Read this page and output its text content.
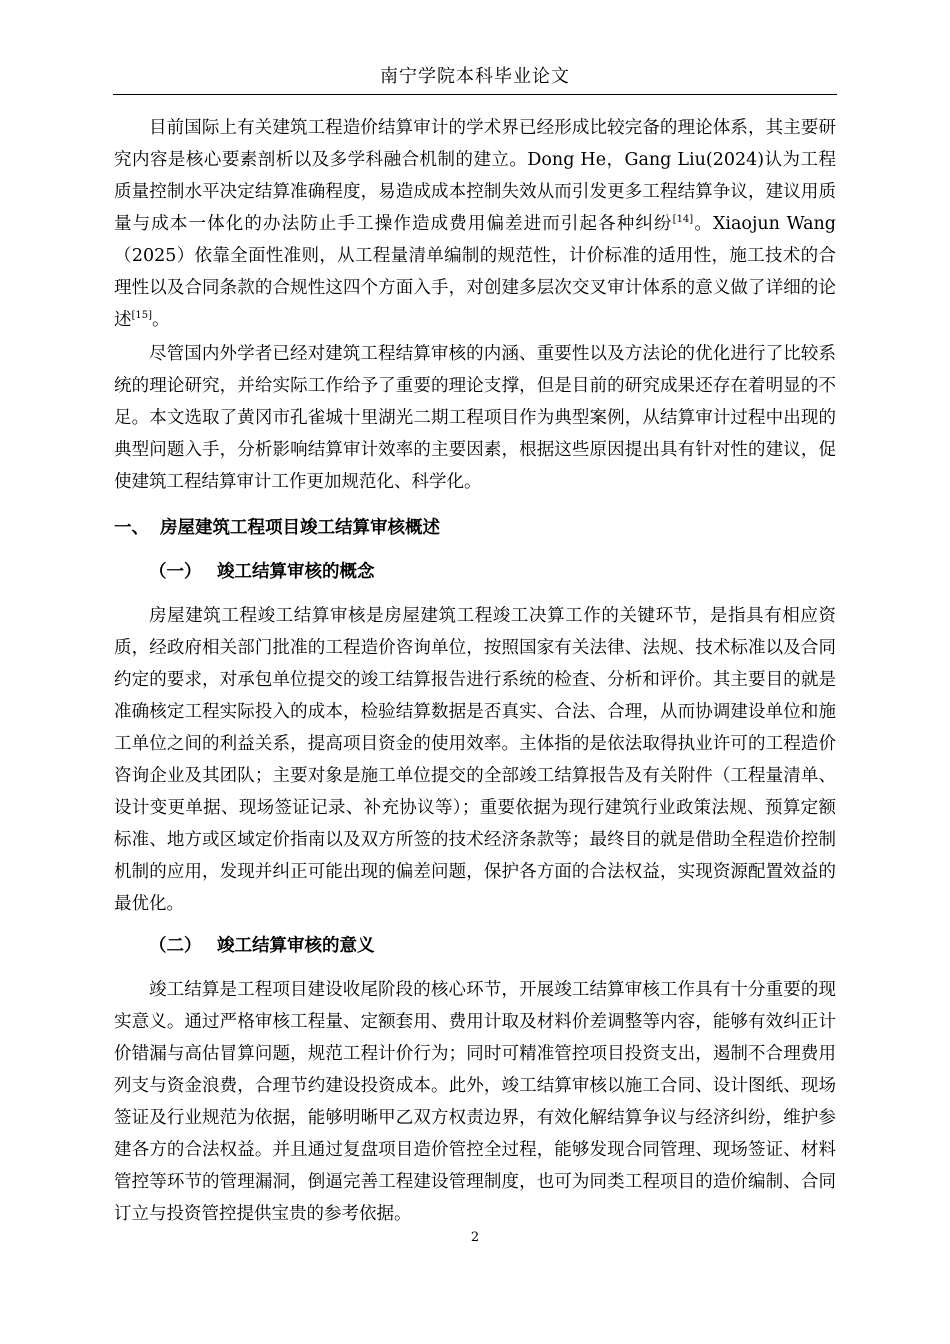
南宁学院本科毕业论文

目前国际上有关建筑工程造价结算审计的学术界已经形成比较完备的理论体系，其主要研究内容是核心要素剖析以及多学科融合机制的建立。Dong He，Gang Liu(2024)认为工程质量控制水平决定结算准确程度，易造成成本控制失效从而引发更多工程结算争议，建议用质量与成本一体化的办法防止手工操作造成费用偏差进而引起各种纠纷[14]。Xiaojun Wang（2025）依靠全面性准则，从工程量清单编制的规范性，计价标准的适用性，施工技术的合理性以及合同条款的合规性这四个方面入手，对创建多层次交叉审计体系的意义做了详细的论述[15]。

尽管国内外学者已经对建筑工程结算审核的内涵、重要性以及方法论的优化进行了比较系统的理论研究，并给实际工作给予了重要的理论支撑，但是目前的研究成果还存在着明显的不足。本文选取了黄冈市孔雀城十里湖光二期工程项目作为典型案例，从结算审计过程中出现的典型问题入手，分析影响结算审计效率的主要因素，根据这些原因提出具有针对性的建议，促使建筑工程结算审计工作更加规范化、科学化。

一、 房屋建筑工程项目竣工结算审核概述
（一） 竣工结算审核的概念

房屋建筑工程竣工结算审核是房屋建筑工程竣工决算工作的关键环节，是指具有相应资质，经政府相关部门批准的工程造价咨询单位，按照国家有关法律、法规、技术标准以及合同约定的要求，对承包单位提交的竣工结算报告进行系统的检查、分析和评价。其主要目的就是准确核定工程实际投入的成本，检验结算数据是否真实、合法、合理，从而协调建设单位和施工单位之间的利益关系，提高项目资金的使用效率。主体指的是依法取得执业许可的工程造价咨询企业及其团队；主要对象是施工单位提交的全部竣工结算报告及有关附件（工程量清单、设计变更单据、现场签证记录、补充协议等）；重要依据为现行建筑行业政策法规、预算定额标准、地方或区域定价指南以及双方所签的技术经济条款等；最终目的就是借助全程造价控制机制的应用，发现并纠正可能出现的偏差问题，保护各方面的合法权益，实现资源配置效益的最优化。

（二） 竣工结算审核的意义

竣工结算是工程项目建设收尾阶段的核心环节，开展竣工结算审核工作具有十分重要的现实意义。通过严格审核工程量、定额套用、费用计取及材料价差调整等内容，能够有效纠正计价错漏与高估冒算问题，规范工程计价行为；同时可精准管控项目投资支出，遏制不合理费用列支与资金浪费，合理节约建设投资成本。此外，竣工结算审核以施工合同、设计图纸、现场签证及行业规范为依据，能够明晰甲乙双方权责边界，有效化解结算争议与经济纠纷，维护参建各方的合法权益。并且通过复盘项目造价管控全过程，能够发现合同管理、现场签证、材料管控等环节的管理漏洞，倒逼完善工程建设管理制度，也可为同类工程项目的造价编制、合同订立与投资管控提供宝贵的参考依据。

2
